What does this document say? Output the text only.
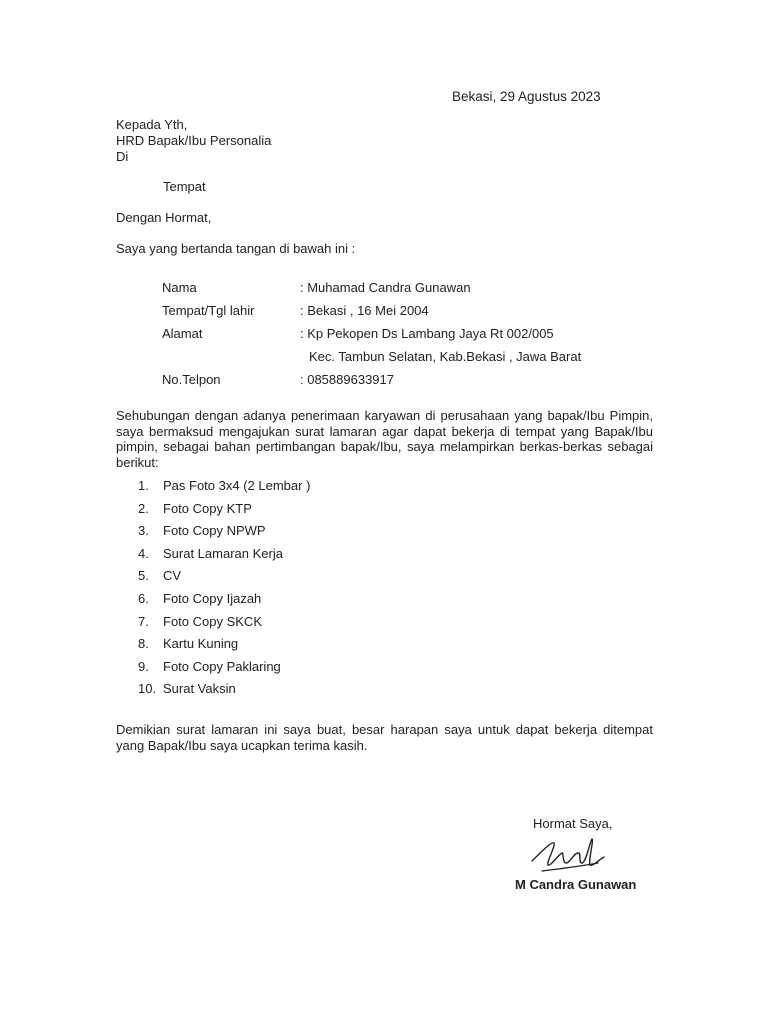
Bekasi, 29 Agustus 2023
Kepada Yth,
HRD Bapak/Ibu Personalia
Di
Tempat
Dengan Hormat,
Saya yang bertanda tangan di bawah ini :
Nama	: Muhamad Candra Gunawan
Tempat/Tgl lahir	: Bekasi , 16 Mei 2004
Alamat	: Kp Pekopen Ds Lambang Jaya Rt 002/005
Kec. Tambun Selatan, Kab.Bekasi , Jawa Barat
No.Telpon	: 085889633917
Sehubungan dengan adanya penerimaan karyawan di perusahaan yang bapak/Ibu Pimpin, saya bermaksud mengajukan surat lamaran agar dapat bekerja di tempat yang Bapak/Ibu pimpin, sebagai bahan pertimbangan bapak/Ibu, saya melampirkan berkas-berkas sebagai berikut:
1.	Pas Foto 3x4 (2 Lembar )
2.	Foto Copy KTP
3.	Foto Copy NPWP
4.	Surat Lamaran Kerja
5.	CV
6.	Foto Copy Ijazah
7.	Foto Copy SKCK
8.	Kartu Kuning
9.	Foto Copy Paklaring
10. Surat Vaksin
Demikian surat lamaran ini saya buat, besar harapan saya untuk dapat bekerja ditempat yang Bapak/Ibu saya ucapkan terima kasih.
Hormat Saya,
M Candra Gunawan
